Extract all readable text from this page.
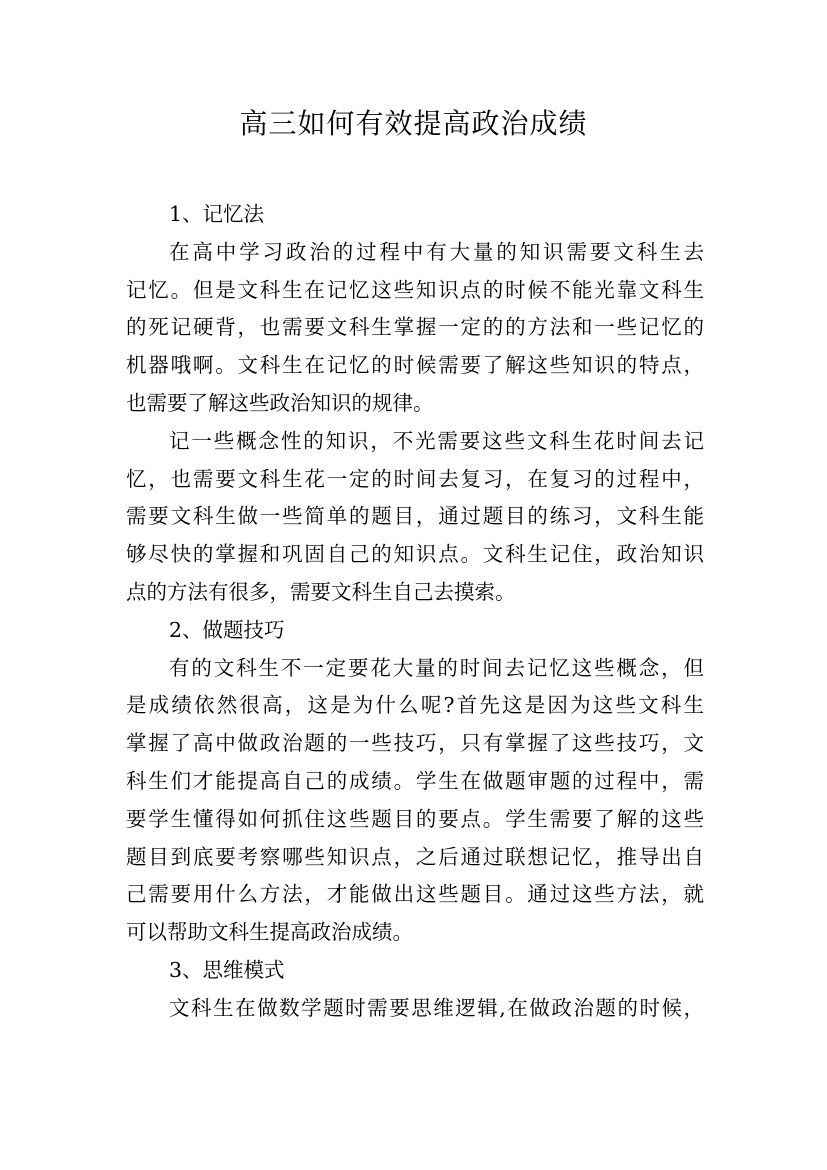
高三如何有效提高政治成绩
1、记忆法
在高中学习政治的过程中有大量的知识需要文科生去
记忆。但是文科生在记忆这些知识点的时候不能光靠文科生
的死记硬背，也需要文科生掌握一定的的方法和一些记忆的
机器哦啊。文科生在记忆的时候需要了解这些知识的特点，
也需要了解这些政治知识的规律。
记一些概念性的知识，不光需要这些文科生花时间去记
忆，也需要文科生花一定的时间去复习，在复习的过程中，
需要文科生做一些简单的题目，通过题目的练习，文科生能
够尽快的掌握和巩固自己的知识点。文科生记住，政治知识
点的方法有很多，需要文科生自己去摸索。
2、做题技巧
有的文科生不一定要花大量的时间去记忆这些概念，但
是成绩依然很高，这是为什么呢?首先这是因为这些文科生
掌握了高中做政治题的一些技巧，只有掌握了这些技巧，文
科生们才能提高自己的成绩。学生在做题审题的过程中，需
要学生懂得如何抓住这些题目的要点。学生需要了解的这些
题目到底要考察哪些知识点，之后通过联想记忆，推导出自
己需要用什么方法，才能做出这些题目。通过这些方法，就
可以帮助文科生提高政治成绩。
3、思维模式
文科生在做数学题时需要思维逻辑,在做政治题的时候，
